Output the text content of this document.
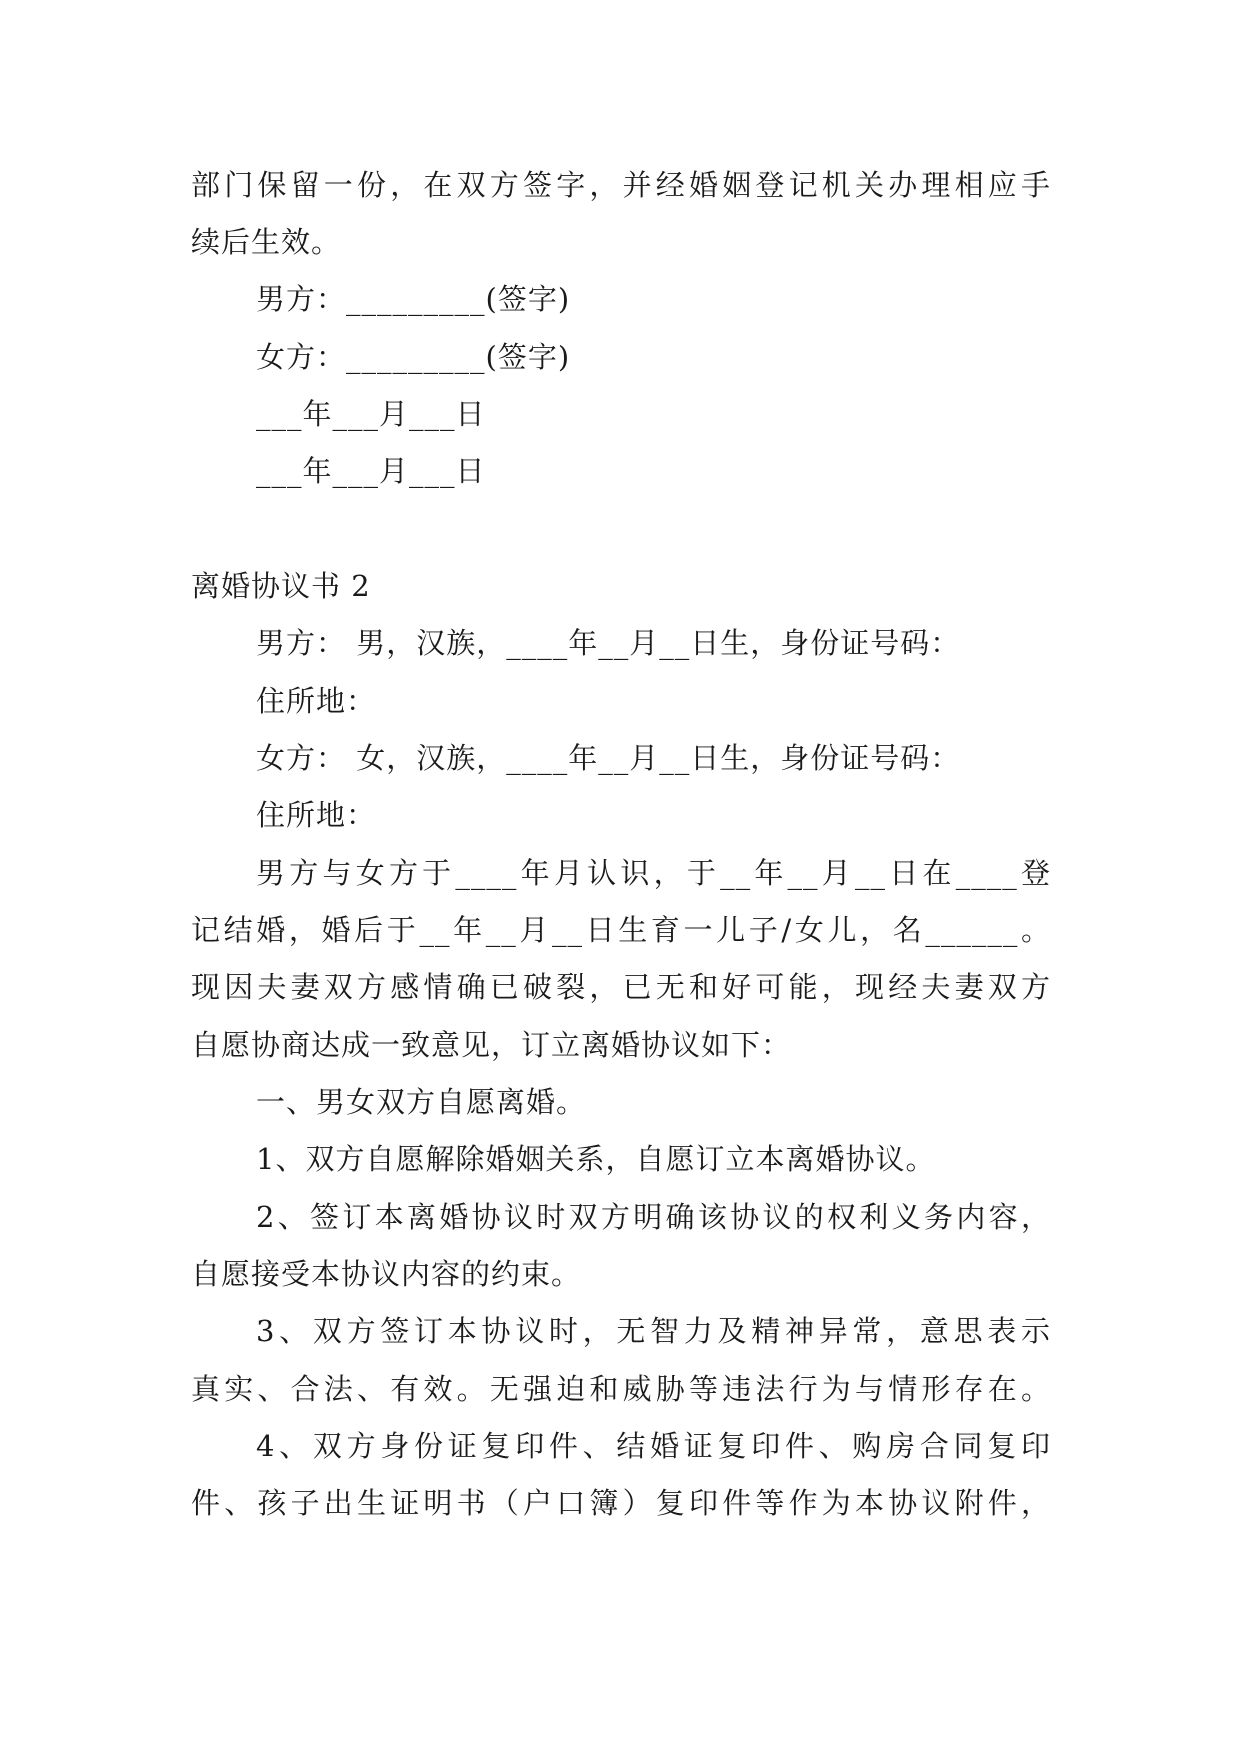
部门保留一份，在双方签字，并经婚姻登记机关办理相应手
续后生效。
男方：_________(签字)
女方：_________(签字)
___年___月___日
___年___月___日
离婚协议书 2
男方： 男，汉族，____年__月__日生，身份证号码：
住所地：
女方： 女，汉族，____年__月__日生，身份证号码：
住所地：
男方与女方于____年月认识，于__年__月__日在____登
记结婚，婚后于__年__月__日生育一儿子/女儿，名______。
现因夫妻双方感情确已破裂，已无和好可能，现经夫妻双方
自愿协商达成一致意见，订立离婚协议如下：
一、男女双方自愿离婚。
1、双方自愿解除婚姻关系，自愿订立本离婚协议。
2、签订本离婚协议时双方明确该协议的权利义务内容，
自愿接受本协议内容的约束。
3、双方签订本协议时，无智力及精神异常，意思表示
真实、合法、有效。无强迫和威胁等违法行为与情形存在。
4、双方身份证复印件、结婚证复印件、购房合同复印
件、孩子出生证明书（户口簿）复印件等作为本协议附件，
